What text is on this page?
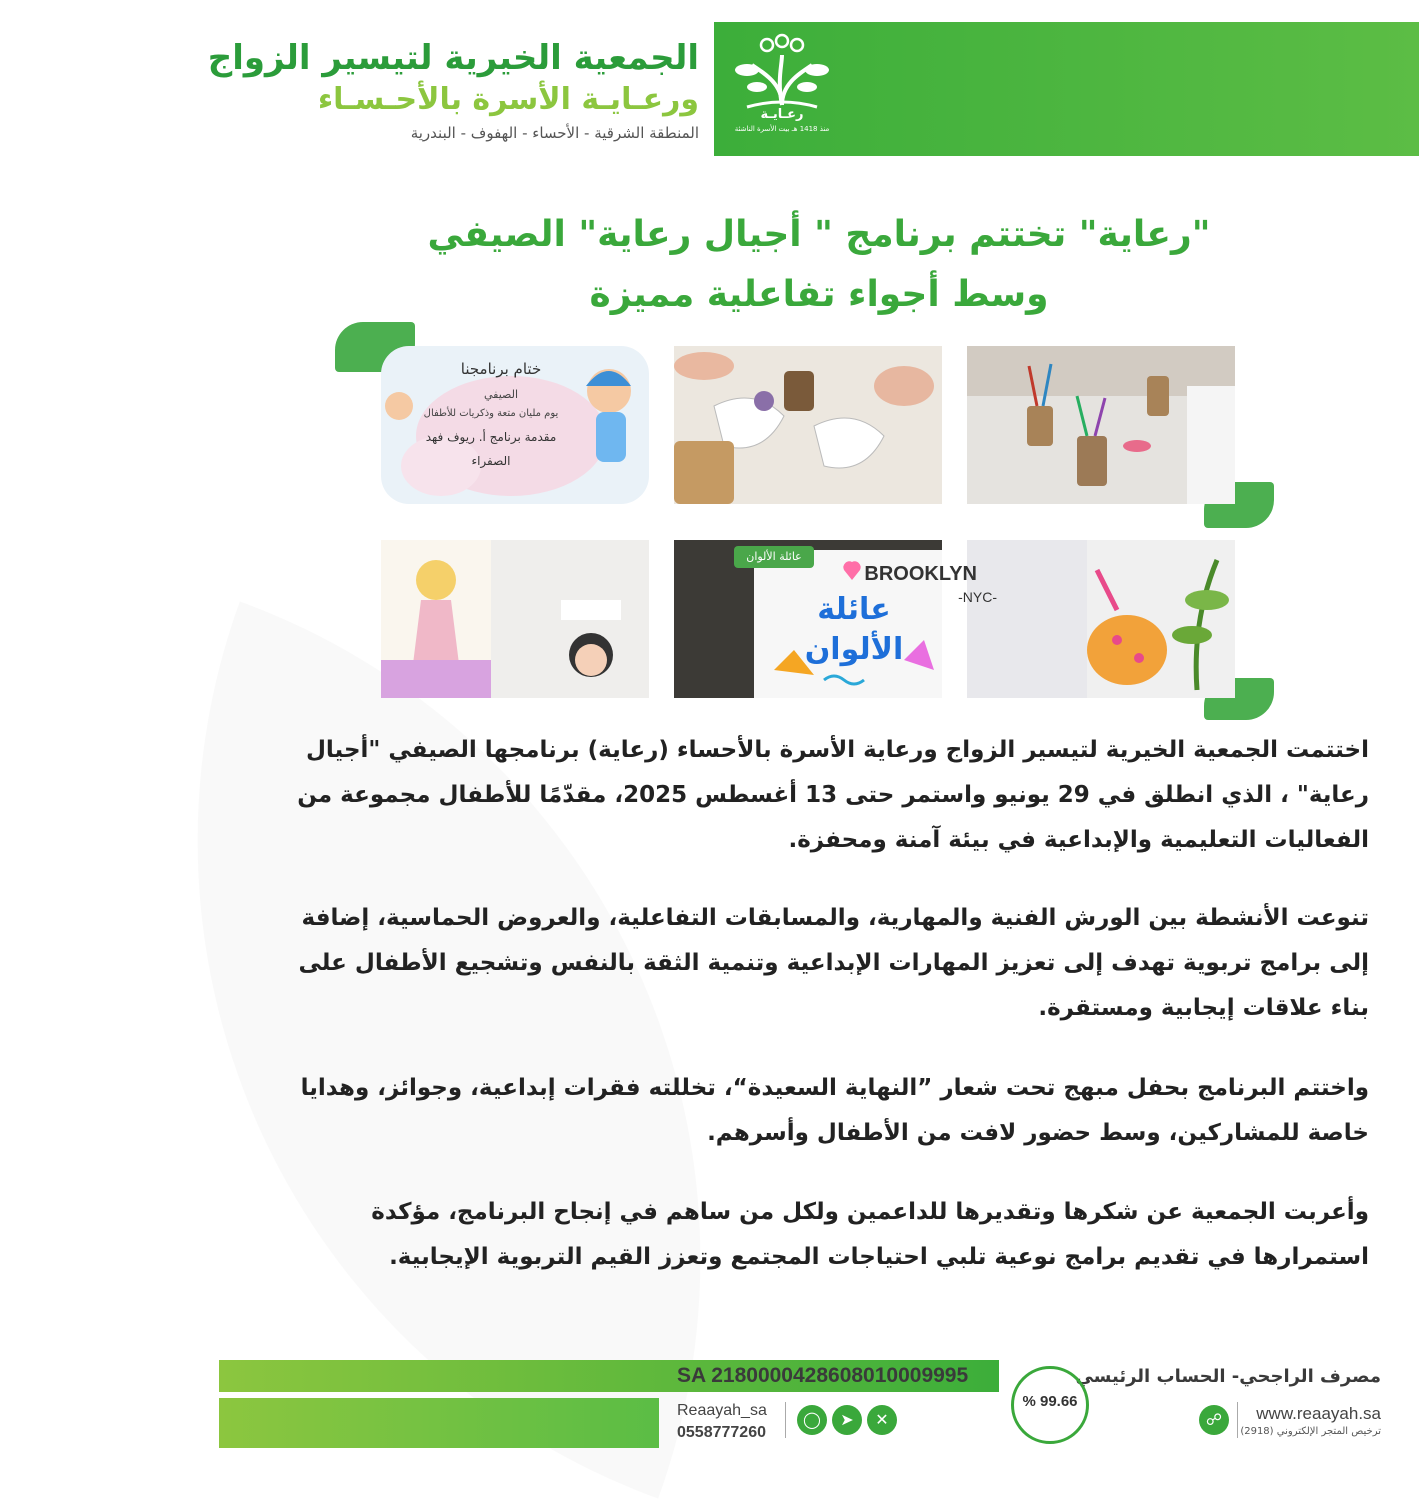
رعـايـة
منذ 1418 هـ بيت الأسرة الناشئة
الجمعية الخيرية لتيسير الزواج
ورعـايـة الأسرة بالأحـسـاء
المنطقة الشرقية - الأحساء - الهفوف - البندرية
"رعاية" تختتم برنامج " أجيال رعاية" الصيفي
وسط أجواء تفاعلية مميزة
ختام برنامجنا
الصيفي
يوم مليان متعة وذكريات للأطفال
مقدمة برنامج أ. ريوف فهد
الصفراء
عائلة الألوان
عائلة الألوان
BROOKLYN
-NYC-
اختتمت الجمعية الخيرية لتيسير الزواج ورعاية الأسرة بالأحساء (رعاية) برنامجها الصيفي "أجيال رعاية" ، الذي انطلق في 29 يونيو واستمر حتى 13 أغسطس 2025، مقدّمًا للأطفال مجموعة من الفعاليات التعليمية والإبداعية في بيئة آمنة ومحفزة.
تنوعت الأنشطة بين الورش الفنية والمهارية، والمسابقات التفاعلية، والعروض الحماسية، إضافة إلى برامج تربوية تهدف إلى تعزيز المهارات الإبداعية وتنمية الثقة بالنفس وتشجيع الأطفال على بناء علاقات إيجابية ومستقرة.
واختتم البرنامج بحفل مبهج تحت شعار ”النهاية السعيدة“، تخللته فقرات إبداعية، وجوائز، وهدايا خاصة للمشاركين، وسط حضور لافت من الأطفال وأسرهم.
وأعربت الجمعية عن شكرها وتقديرها للداعمين ولكل من ساهم في إنجاح البرنامج، مؤكدة استمرارها في تقديم برامج نوعية تلبي احتياجات المجتمع وتعزز القيم التربوية الإيجابية.
SA 2180000428608010009995	مصرف الراجحي- الحساب الرئيسي
Reaayah_sa
0558777260
◯	➤	✕
% 99.66
☍	www.reaayah.sa
ترخيص المتجر الإلكتروني (2918)
